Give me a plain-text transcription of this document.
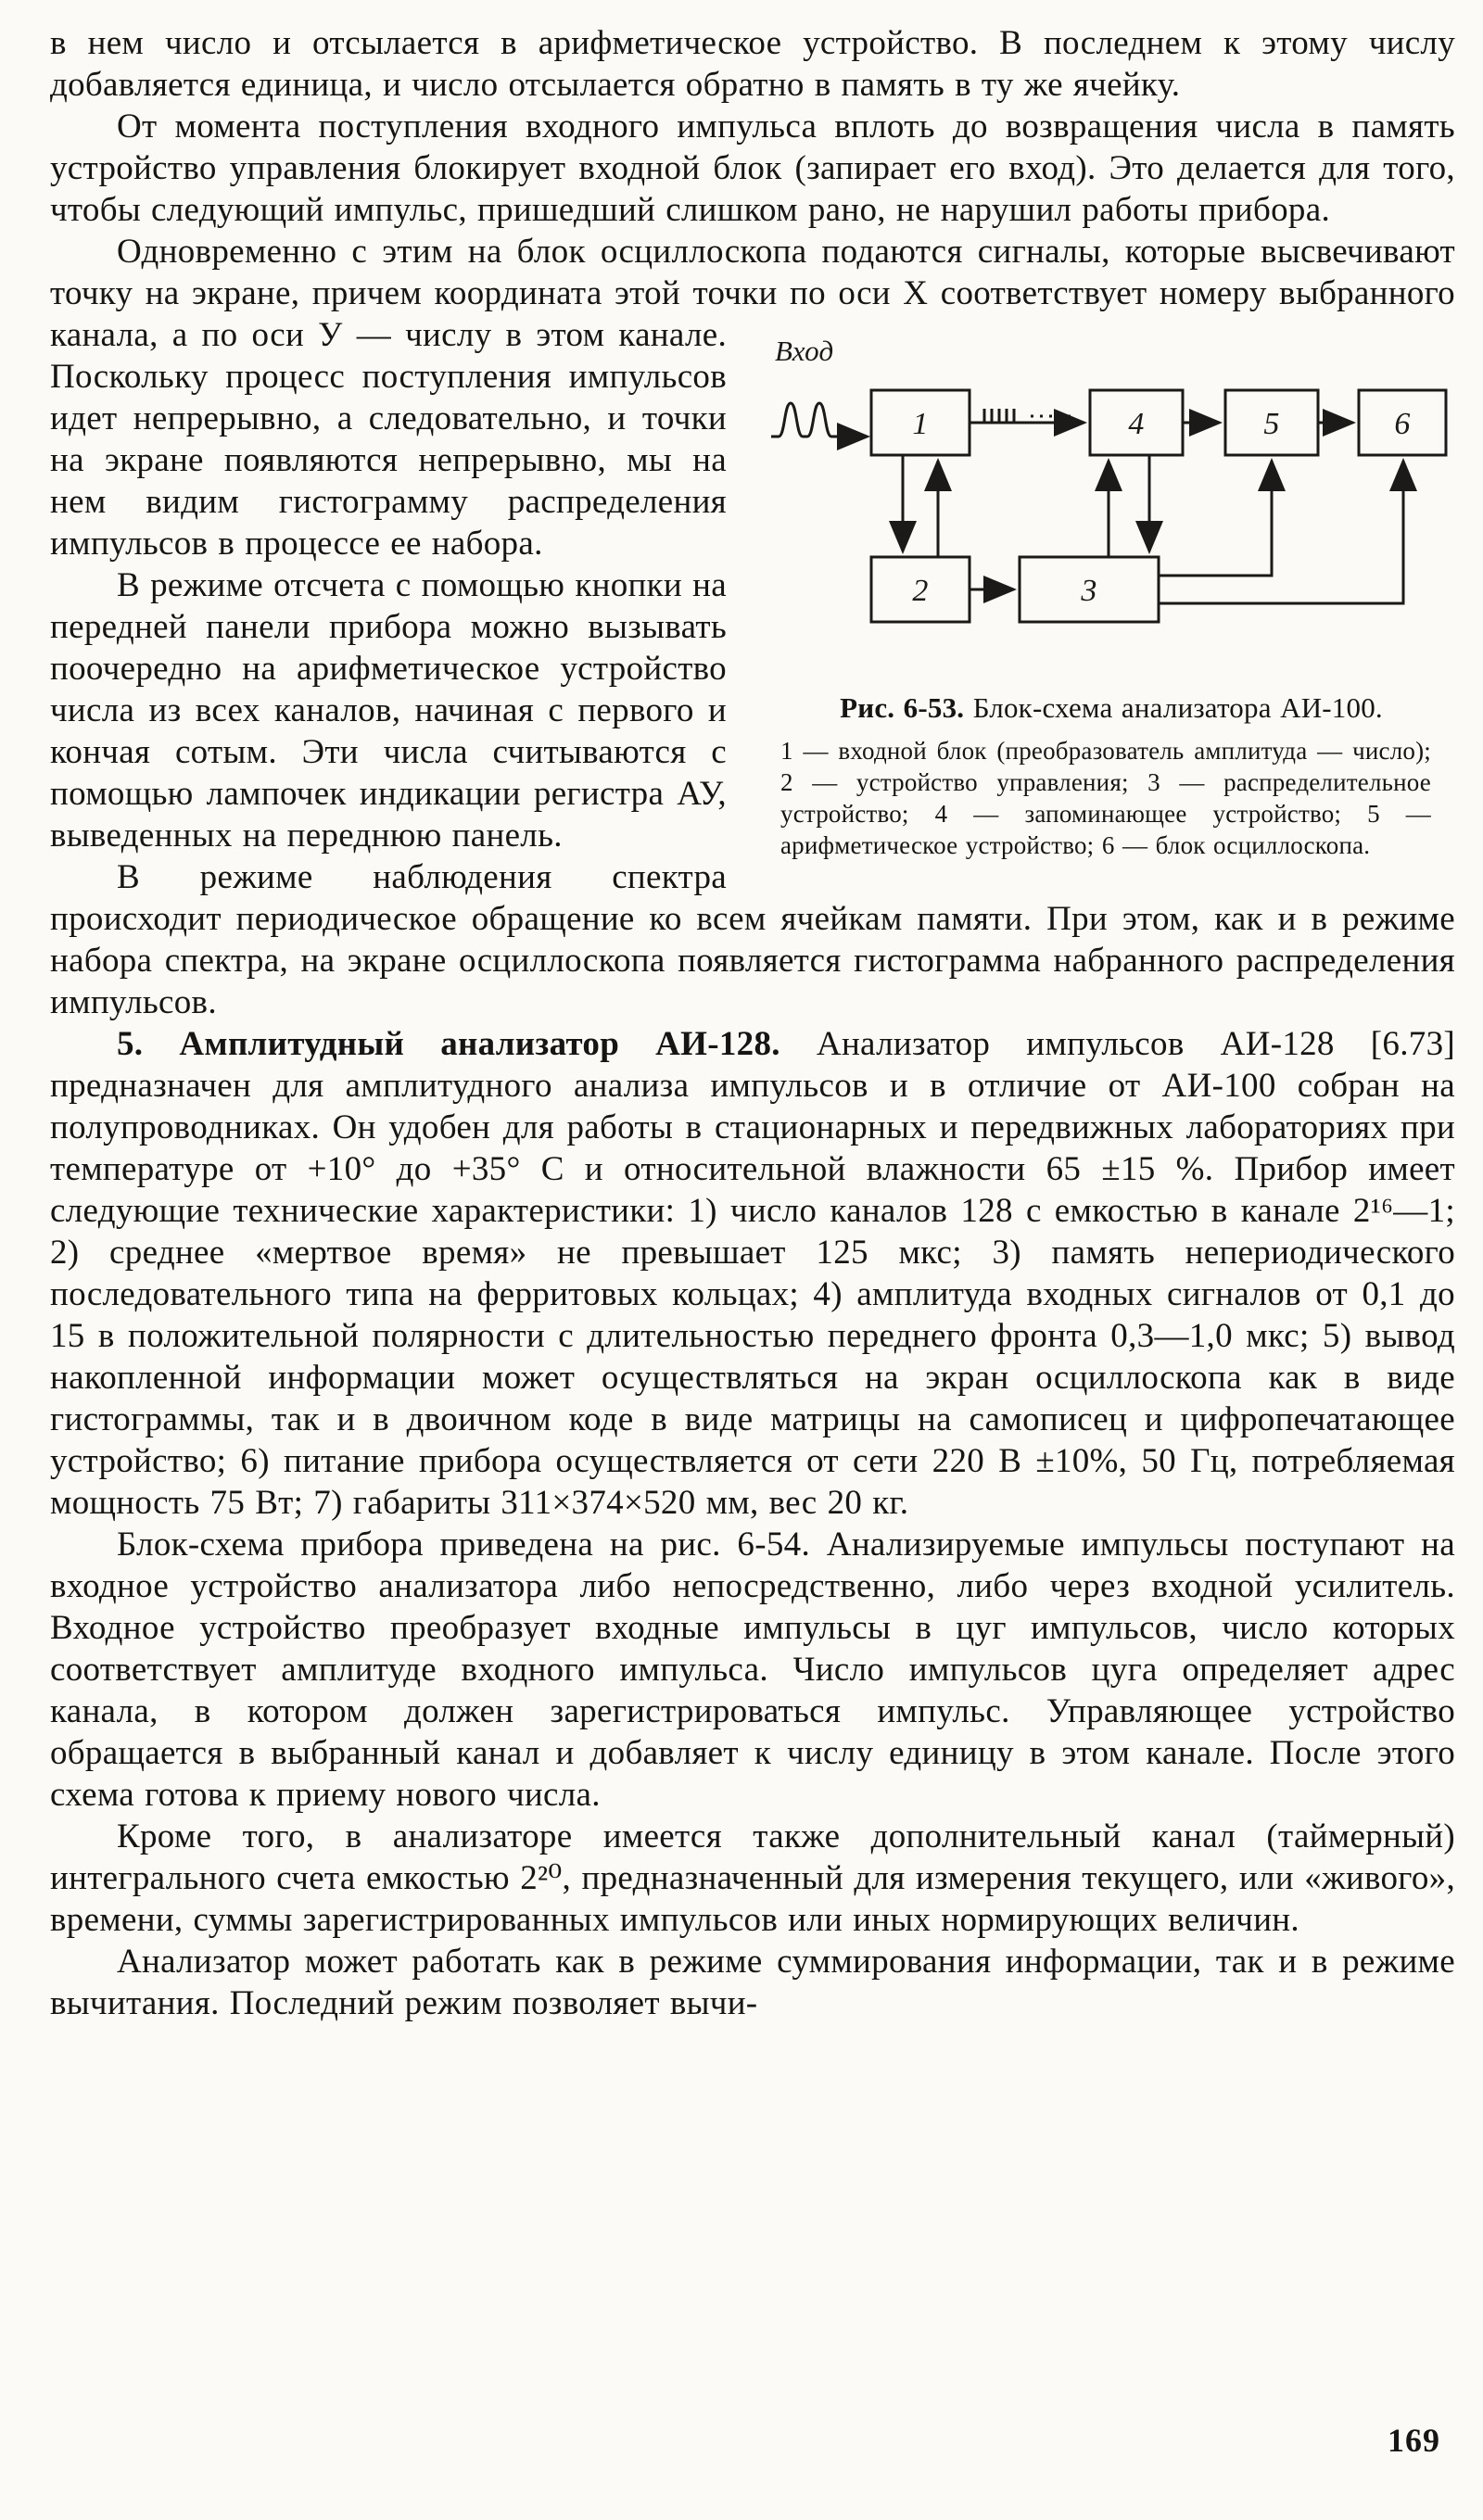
в нем число и отсылается в арифметическое устройство. В последнем к этому числу добавляется единица, и число отсылается обратно в память в ту же ячейку.

От момента поступления входного импульса вплоть до возвращения числа в память устройство управления блокирует входной блок (запирает его вход). Это делается для того, чтобы следующий импульс, пришедший слишком рано, не нарушил работы прибора.

Одновременно с этим на блок осциллоскопа подаются сигналы, которые высвечивают точку на экране, причем координата этой точки
Вход
1	4	5	6
2	3
Рис. 6-53. Блок-схема анализатора АИ-100.
1 — входной блок (преобразователь амплитуда — число); 2 — устройство управления; 3 — распределительное устройство; 4 — запоминающее устройство; 5 — арифметическое устройство; 6 — блок осциллоскопа.
по оси X соответствует номеру выбранного канала, а по оси У — числу в этом канале. Поскольку процесс поступления импульсов идет непрерывно, а следовательно, и точки на экране появляются непрерывно, мы на нем видим гистограмму распределения импульсов в процессе ее набора.

В режиме отсчета с помощью кнопки на передней панели прибора можно вызывать поочередно на арифметическое устройство числа из всех каналов, начиная с первого и кончая сотым. Эти числа считываются с помощью лампочек индикации регистра АУ, выведенных на переднюю панель.

В режиме наблюдения спектра происходит периодическое обращение ко всем ячейкам памяти. При этом, как и в режиме набора спектра, на экране осциллоскопа появляется гистограмма набранного распределения импульсов.

5. Амплитудный анализатор АИ-128. Анализатор импульсов АИ-128 [6.73] предназначен для амплитудного анализа импульсов и в отличие от АИ-100 собран на полупроводниках. Он удобен для работы в стационарных и передвижных лабораториях при температуре от +10° до +35° С и относительной влажности 65 ±15 %. Прибор имеет следующие технические характеристики: 1) число каналов 128 с емкостью в канале 2¹⁶—1; 2) среднее «мертвое время» не превышает 125 мкс; 3) память непериодического последовательного типа на ферритовых кольцах; 4) амплитуда входных сигналов от 0,1 до 15 в положительной полярности с длительностью переднего фронта 0,3—1,0 мкс; 5) вывод накопленной информации может осуществляться на экран осциллоскопа как в виде гистограммы, так и в двоичном коде в виде матрицы на самописец и цифропечатающее устройство; 6) питание прибора осуществляется от сети 220 В ±10%, 50 Гц, потребляемая мощность 75 Вт; 7) габариты 311×374×520 мм, вес 20 кг.

Блок-схема прибора приведена на рис. 6-54. Анализируемые импульсы поступают на входное устройство анализатора либо непосредственно, либо через входной усилитель. Входное устройство преобразует входные импульсы в цуг импульсов, число которых соответствует амплитуде входного импульса. Число импульсов цуга определяет адрес канала, в котором должен зарегистрироваться импульс. Управляющее устройство обращается в выбранный канал и добавляет к числу единицу в этом канале. После этого схема готова к приему нового числа.

Кроме того, в анализаторе имеется также дополнительный канал (таймерный) интегрального счета емкостью 2²⁰, предназначенный для измерения текущего, или «живого», времени, суммы зарегистрированных импульсов или иных нормирующих величин.

Анализатор может работать как в режиме суммирования информации, так и в режиме вычитания. Последний режим позволяет вычи-

169
